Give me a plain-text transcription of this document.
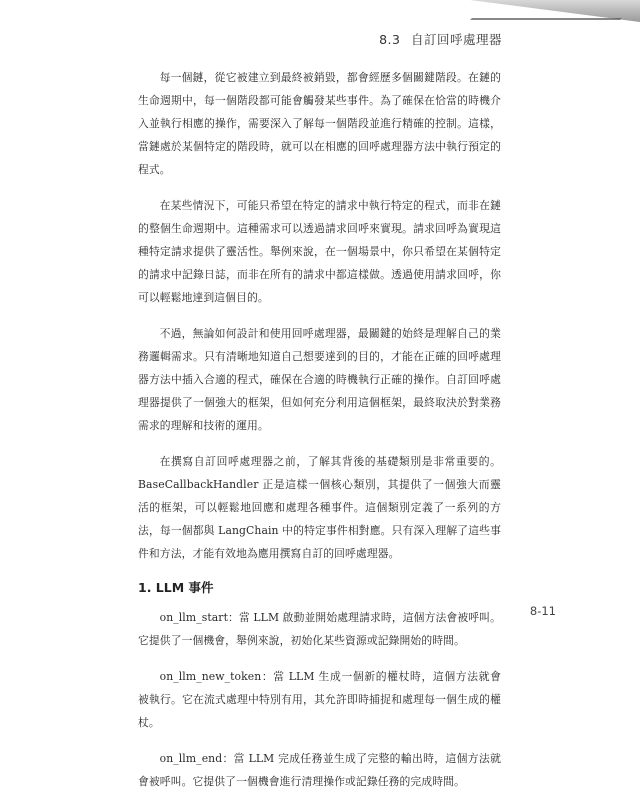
8.3 自訂回呼處理器

每一個鏈，從它被建立到最終被銷毀，都會經歷多個關鍵階段。在鏈的生命週期中，每一個階段都可能會觸發某些事件。為了確保在恰當的時機介入並執行相應的操作，需要深入了解每一個階段並進行精確的控制。這樣，當鏈處於某個特定的階段時，就可以在相應的回呼處理器方法中執行預定的程式。

在某些情況下，可能只希望在特定的請求中執行特定的程式，而非在鏈的整個生命週期中。這種需求可以透過請求回呼來實現。請求回呼為實現這種特定請求提供了靈活性。舉例來說，在一個場景中，你只希望在某個特定的請求中記錄日誌，而非在所有的請求中都這樣做。透過使用請求回呼，你可以輕鬆地達到這個目的。

不過，無論如何設計和使用回呼處理器，最關鍵的始終是理解自己的業務邏輯需求。只有清晰地知道自己想要達到的目的，才能在正確的回呼處理器方法中插入合適的程式，確保在合適的時機執行正確的操作。自訂回呼處理器提供了一個強大的框架，但如何充分利用這個框架，最終取決於對業務需求的理解和技術的運用。

在撰寫自訂回呼處理器之前，了解其背後的基礎類別是非常重要的。BaseCallbackHandler 正是這樣一個核心類別，其提供了一個強大而靈活的框架，可以輕鬆地回應和處理各種事件。這個類別定義了一系列的方法，每一個都與 LangChain 中的特定事件相對應。只有深入理解了這些事件和方法，才能有效地為應用撰寫自訂的回呼處理器。

1. LLM 事件

on_llm_start：當 LLM 啟動並開始處理請求時，這個方法會被呼叫。它提供了一個機會，舉例來說，初始化某些資源或記錄開始的時間。

on_llm_new_token：當 LLM 生成一個新的權杖時，這個方法就會被執行。它在流式處理中特別有用，其允許即時捕捉和處理每一個生成的權杖。

on_llm_end：當 LLM 完成任務並生成了完整的輸出時，這個方法就會被呼叫。它提供了一個機會進行清理操作或記錄任務的完成時間。

8-11
